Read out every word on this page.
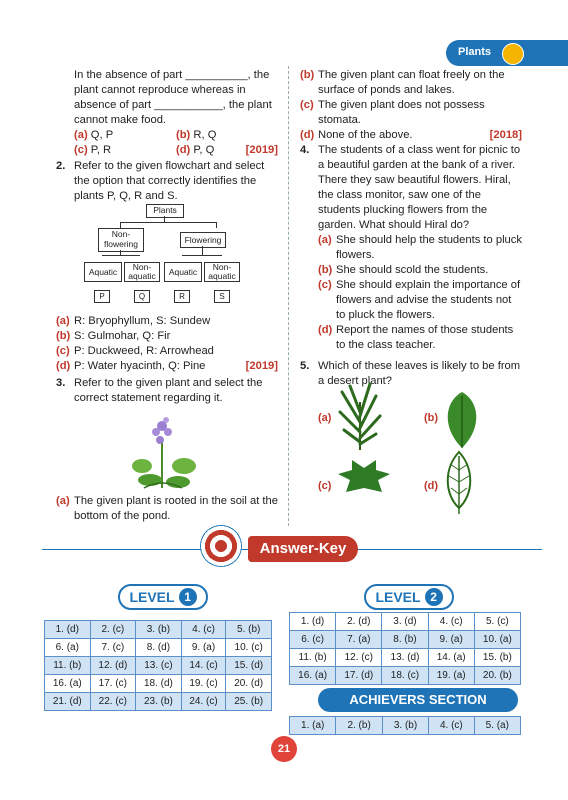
Plants

In the absence of part __________, the plant cannot reproduce whereas in absence of part ___________, the plant cannot make food.

(a) Q, P	(b) R, Q
(c) P, R	(d) P, Q	[2019]
2. Refer to the given flowchart and select the option that correctly identifies the plants P, Q, R and S.
Plants
Non-flowering	Flowering
Aquatic	Non-aquatic	Aquatic	Non-aquatic
P	Q	R	S
(a) R: Bryophyllum, S: Sundew
(b) S: Gulmohar, Q: Fir
(c) P: Duckweed, R: Arrowhead
(d) P: Water hyacinth, Q: Pine	[2019]
3. Refer to the given plant and select the correct statement regarding it.
(a) The given plant is rooted in the soil at the bottom of the pond.
(b) The given plant can float freely on the surface of ponds and lakes.
(c) The given plant does not possess stomata.
(d) None of the above.	[2018]
4. The students of a class went for picnic to a beautiful garden at the bank of a river. There they saw beautiful flowers. Hiral, the class monitor, saw one of the students plucking flowers from the garden. What should Hiral do?
(a) She should help the students to pluck flowers.
(b) She should scold the students.
(c) She should explain the importance of flowers and advise the students not to pluck the flowers.
(d) Report the names of those students to the class teacher.
5. Which of these leaves is likely to be from a desert plant?
(a)	(b)
(c)	(d)
Answer-Key
LEVEL 1
1. (d)	2. (c)	3. (b)	4. (c)	5. (b)
6. (a)	7. (c)	8. (d)	9. (a)	10. (c)
11. (b)	12. (d)	13. (c)	14. (c)	15. (d)
16. (a)	17. (c)	18. (d)	19. (c)	20. (d)
21. (d)	22. (c)	23. (b)	24. (c)	25. (b)
LEVEL 2
1. (d)	2. (d)	3. (d)	4. (c)	5. (c)
6. (c)	7. (a)	8. (b)	9. (a)	10. (a)
11. (b)	12. (c)	13. (d)	14. (a)	15. (b)
16. (a)	17. (d)	18. (c)	19. (a)	20. (b)
ACHIEVERS SECTION
1. (a)	2. (b)	3. (b)	4. (c)	5. (a)
21
